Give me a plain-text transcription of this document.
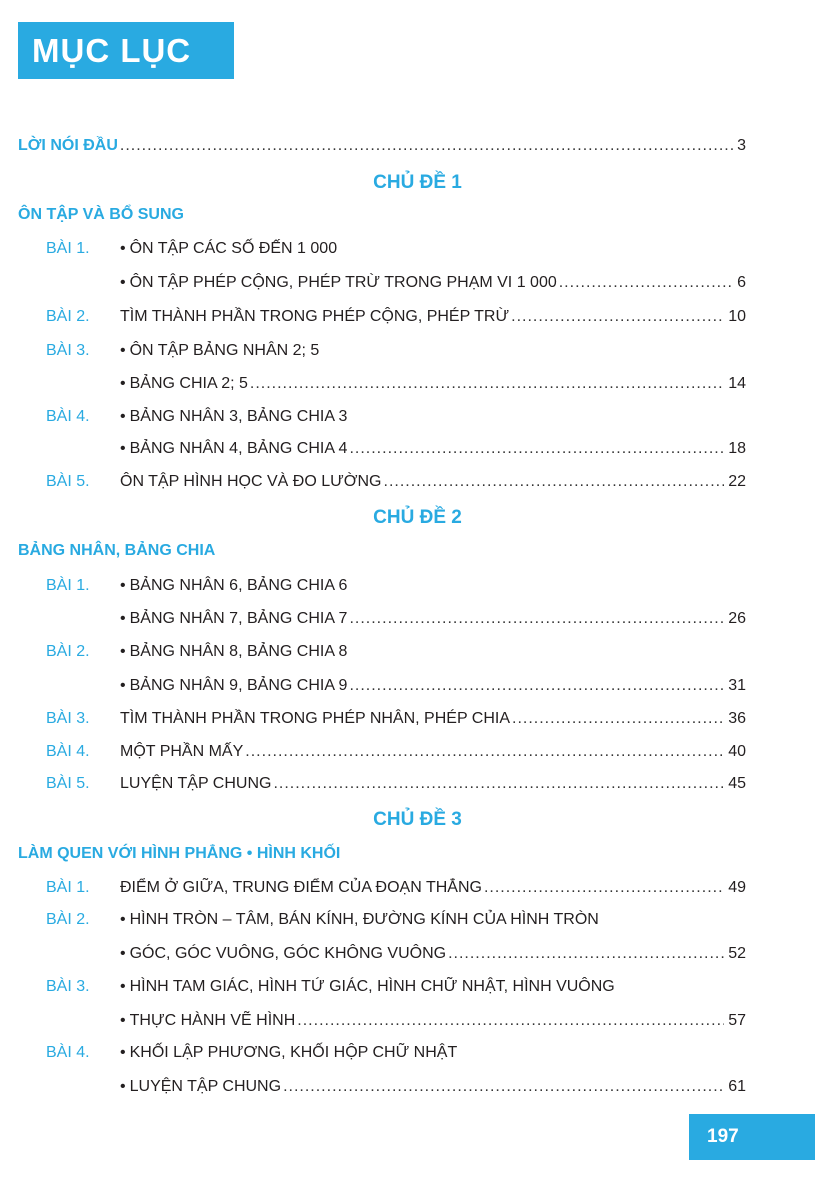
MỤC LỤC
LỜI NÓI ĐẦU .....	3
CHỦ ĐỀ 1
ÔN TẬP VÀ BỔ SUNG
BÀI 1. • ÔN TẬP CÁC SỐ ĐẾN 1 000
• ÔN TẬP PHÉP CỘNG, PHÉP TRỪ TRONG PHẠM VI 1 000 .....	6
BÀI 2. TÌM THÀNH PHẦN TRONG PHÉP CỘNG, PHÉP TRỪ .....	10
BÀI 3. • ÔN TẬP BẢNG NHÂN 2; 5
• BẢNG CHIA 2; 5 .....	14
BÀI 4. • BẢNG NHÂN 3, BẢNG CHIA 3
• BẢNG NHÂN 4, BẢNG CHIA 4 .....	18
BÀI 5. ÔN TẬP HÌNH HỌC VÀ ĐO LƯỜNG .....	22
CHỦ ĐỀ 2
BẢNG NHÂN, BẢNG CHIA
BÀI 1. • BẢNG NHÂN 6, BẢNG CHIA 6
• BẢNG NHÂN 7, BẢNG CHIA 7 .....	26
BÀI 2. • BẢNG NHÂN 8, BẢNG CHIA 8
• BẢNG NHÂN 9, BẢNG CHIA 9 .....	31
BÀI 3. TÌM THÀNH PHẦN TRONG PHÉP NHÂN, PHÉP CHIA .....	36
BÀI 4. MỘT PHẦN MẤY .....	40
BÀI 5. LUYỆN TẬP CHUNG .....	45
CHỦ ĐỀ 3
LÀM QUEN VỚI HÌNH PHẲNG • HÌNH KHỐI
BÀI 1. ĐIỂM Ở GIỮA, TRUNG ĐIỂM CỦA ĐOẠN THẲNG .....	49
BÀI 2. • HÌNH TRÒN – TÂM, BÁN KÍNH, ĐƯỜNG KÍNH CỦA HÌNH TRÒN
• GÓC, GÓC VUÔNG, GÓC KHÔNG VUÔNG .....	52
BÀI 3. • HÌNH TAM GIÁC, HÌNH TỨ GIÁC, HÌNH CHỮ NHẬT, HÌNH VUÔNG
• THỰC HÀNH VẼ HÌNH .....	57
BÀI 4. • KHỐI LẬP PHƯƠNG, KHỐI HỘP CHỮ NHẬT
• LUYỆN TẬP CHUNG .....	61
197
